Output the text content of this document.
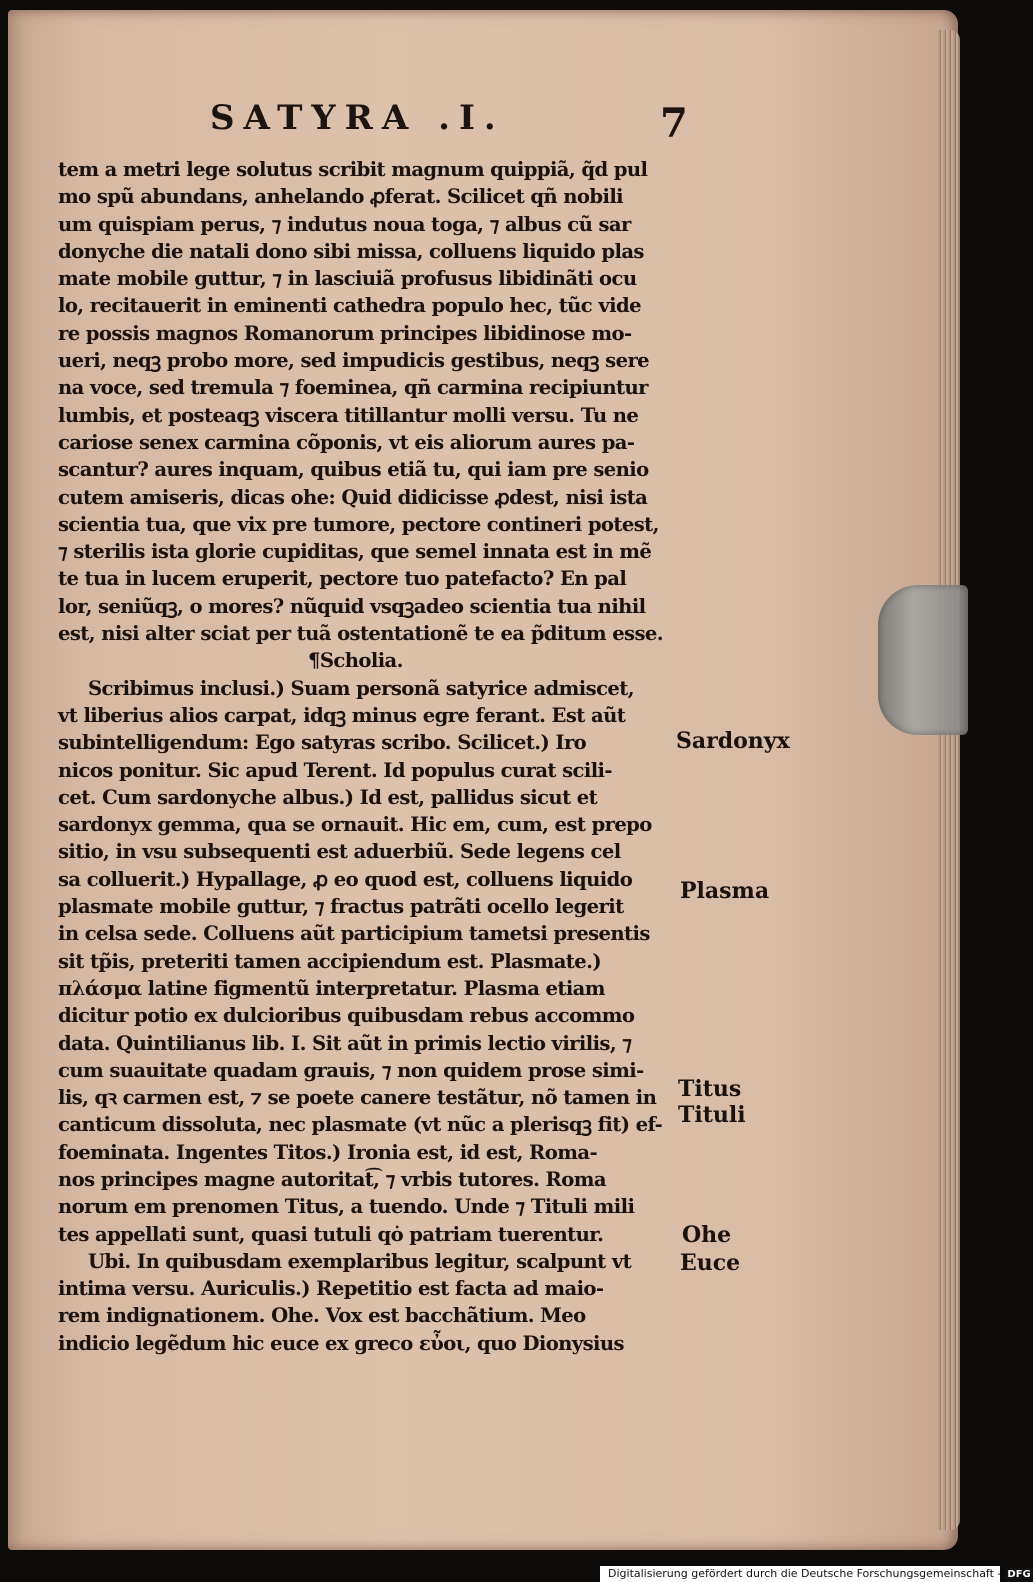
SATYRA .I.	7
tem a metri lege solutus scribit magnum quippiã, q̃d pul
mo spũ abundans, anhelando ꝓferat. Scilicet qñ nobili
um quispiam perus, ⁊ indutus noua toga, ⁊ albus cũ sar
donyche die natali dono sibi missa, colluens liquido plas
mate mobile guttur, ⁊ in lasciuiã profusus libidinãti ocu
lo, recitauerit in eminenti cathedra populo hec, tũc vide
re possis magnos Romanorum principes libidinose mo-
ueri, neqꝫ probo more, sed impudicis gestibus, neqꝫ sere
na voce, sed tremula ⁊ foeminea, qñ carmina recipiuntur
lumbis, et posteaqꝫ viscera titillantur molli versu. Tu ne
cariose senex carmina cõponis, vt eis aliorum aures pa-
scantur? aures inquam, quibus etiã tu, qui iam pre senio
cutem amiseris, dicas ohe: Quid didicisse ꝓdest, nisi ista
scientia tua, que vix pre tumore, pectore contineri potest,
⁊ sterilis ista glorie cupiditas, que semel innata est in mẽ
te tua in lucem eruperit, pectore tuo patefacto? En pal
lor, seniũqꝫ, o mores? nũquid vsqꝫadeo scientia tua nihil
est, nisi alter sciat per tuã ostentationẽ te ea p̃ditum esse.
¶Scholia.
Scribimus inclusi.) Suam personã satyrice admiscet,
vt liberius alios carpat, idqꝫ minus egre ferant. Est aũt
subintelligendum: Ego satyras scribo. Scilicet.) Iro
nicos ponitur. Sic apud Terent. Id populus curat scili-
cet. Cum sardonyche albus.) Id est, pallidus sicut et
sardonyx gemma, qua se ornauit. Hic em, cum, est prepo
sitio, in vsu subsequenti est aduerbiũ. Sede legens cel
sa colluerit.) Hypallage, ꝓ eo quod est, colluens liquido
plasmate mobile guttur, ⁊ fractus patrãti ocello legerit
in celsa sede. Colluens aũt participium tametsi presentis
sit tp̃is, preteriti tamen accipiendum est. Plasmate.)
πλάσμα latine figmentũ interpretatur. Plasma etiam
dicitur potio ex dulcioribus quibusdam rebus accommo
data. Quintilianus lib. I. Sit aũt in primis lectio virilis, ⁊
cum suauitate quadam grauis, ⁊ non quidem prose simi-
lis, qꝛ carmen est, ⁊ se poete canere testãtur, nõ tamen in
canticum dissoluta, nec plasmate (vt nũc a plerisqꝫ fit) ef-
foeminata. Ingentes Titos.) Ironia est, id est, Roma-
nos principes magne autoritat͡, ⁊ vrbis tutores. Roma
norum em prenomen Titus, a tuendo. Unde ⁊ Tituli mili
tes appellati sunt, quasi tutuli qȯ patriam tuerentur.
Ubi. In quibusdam exemplaribus legitur, scalpunt vt
intima versu. Auriculis.) Repetitio est facta ad maio-
rem indignationem. Ohe. Vox est bacchãtium. Meo
indicio legẽdum hic euce ex greco εὖοι, quo Dionysius
Sardonyx
Plasma
Titus
Tituli
Ohe
Euce
Digitalisierung gefördert durch die Deutsche Forschungsgemeinschaft - DFG
